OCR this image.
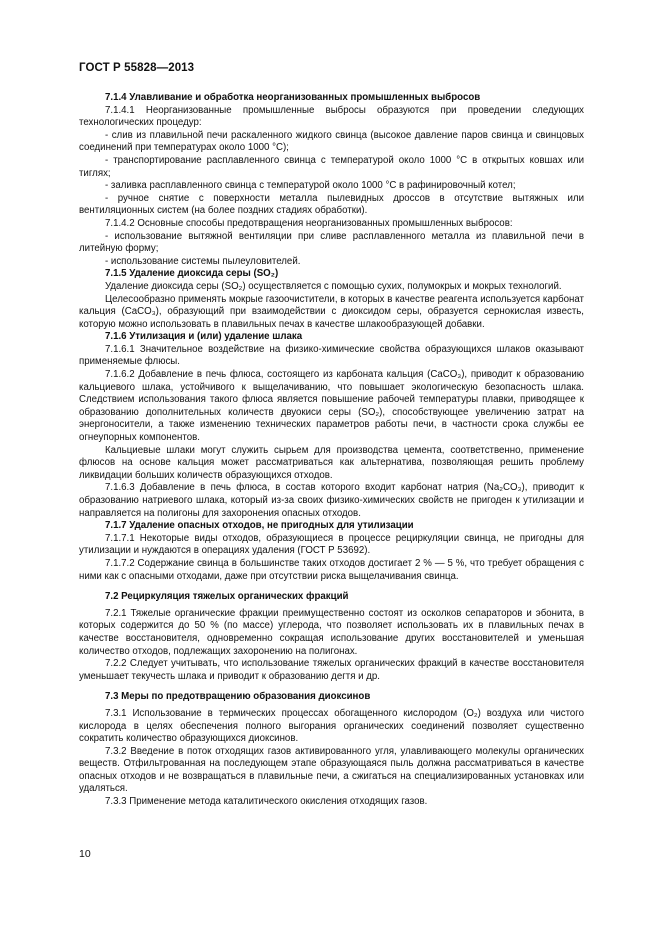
ГОСТ Р 55828—2013

7.1.4 Улавливание и обработка неорганизованных промышленных выбросов

7.1.4.1 Неорганизованные промышленные выбросы образуются при проведении следующих технологических процедур:

- слив из плавильной печи раскаленного жидкого свинца (высокое давление паров свинца и свинцовых соединений при температурах около 1000 °С);

- транспортирование расплавленного свинца с температурой около 1000 °С в открытых ковшах или тиглях;

- заливка расплавленного свинца с температурой около 1000 °С в рафинировочный котел;

- ручное снятие с поверхности металла пылевидных дроссов в отсутствие вытяжных или вентиляционных систем (на более поздних стадиях обработки).

7.1.4.2 Основные способы предотвращения неорганизованных промышленных выбросов:

- использование вытяжной вентиляции при сливе расплавленного металла из плавильной печи в литейную форму;

- использование системы пылеуловителей.

7.1.5 Удаление диоксида серы (SO₂)

Удаление диоксида серы (SO₂) осуществляется с помощью сухих, полумокрых и мокрых технологий.

Целесообразно применять мокрые газоочистители, в которых в качестве реагента используется карбонат кальция (CaCO₃), образующий при взаимодействии с диоксидом серы, образуется сернокислая известь, которую можно использовать в плавильных печах в качестве шлакообразующей добавки.

7.1.6 Утилизация и (или) удаление шлака

7.1.6.1 Значительное воздействие на физико-химические свойства образующихся шлаков оказывают применяемые флюсы.

7.1.6.2 Добавление в печь флюса, состоящего из карбоната кальция (CaCO₃), приводит к образованию кальциевого шлака, устойчивого к выщелачиванию, что повышает экологическую безопасность шлака. Следствием использования такого флюса является повышение рабочей температуры плавки, приводящее к образованию дополнительных количеств двуокиси серы (SO₂), способствующее увеличению затрат на энергоносители, а также изменению технических параметров работы печи, в частности срока службы ее огнеупорных компонентов.

Кальциевые шлаки могут служить сырьем для производства цемента, соответственно, применение флюсов на основе кальция может рассматриваться как альтернатива, позволяющая решить проблему ликвидации больших количеств образующихся отходов.

7.1.6.3 Добавление в печь флюса, в состав которого входит карбонат натрия (Na₂CO₃), приводит к образованию натриевого шлака, который из-за своих физико-химических свойств не пригоден к утилизации и направляется на полигоны для захоронения опасных отходов.

7.1.7 Удаление опасных отходов, не пригодных для утилизации

7.1.7.1 Некоторые виды отходов, образующиеся в процессе рециркуляции свинца, не пригодны для утилизации и нуждаются в операциях удаления (ГОСТ Р 53692).

7.1.7.2 Содержание свинца в большинстве таких отходов достигает 2 % — 5 %, что требует обращения с ними как с опасными отходами, даже при отсутствии риска выщелачивания свинца.

7.2 Рециркуляция тяжелых органических фракций

7.2.1 Тяжелые органические фракции преимущественно состоят из осколков сепараторов и эбонита, в которых содержится до 50 % (по массе) углерода, что позволяет использовать их в плавильных печах в качестве восстановителя, одновременно сокращая использование других восстановителей и уменьшая количество отходов, подлежащих захоронению на полигонах.

7.2.2 Следует учитывать, что использование тяжелых органических фракций в качестве восстановителя уменьшает текучесть шлака и приводит к образованию дегтя и др.

7.3 Меры по предотвращению образования диоксинов

7.3.1 Использование в термических процессах обогащенного кислородом (O₂) воздуха или чистого кислорода в целях обеспечения полного выгорания органических соединений позволяет существенно сократить количество образующихся диоксинов.

7.3.2 Введение в поток отходящих газов активированного угля, улавливающего молекулы органических веществ. Отфильтрованная на последующем этапе образующаяся пыль должна рассматриваться в качестве опасных отходов и не возвращаться в плавильные печи, а сжигаться на специализированных установках или удаляться.

7.3.3 Применение метода каталитического окисления отходящих газов.

10
